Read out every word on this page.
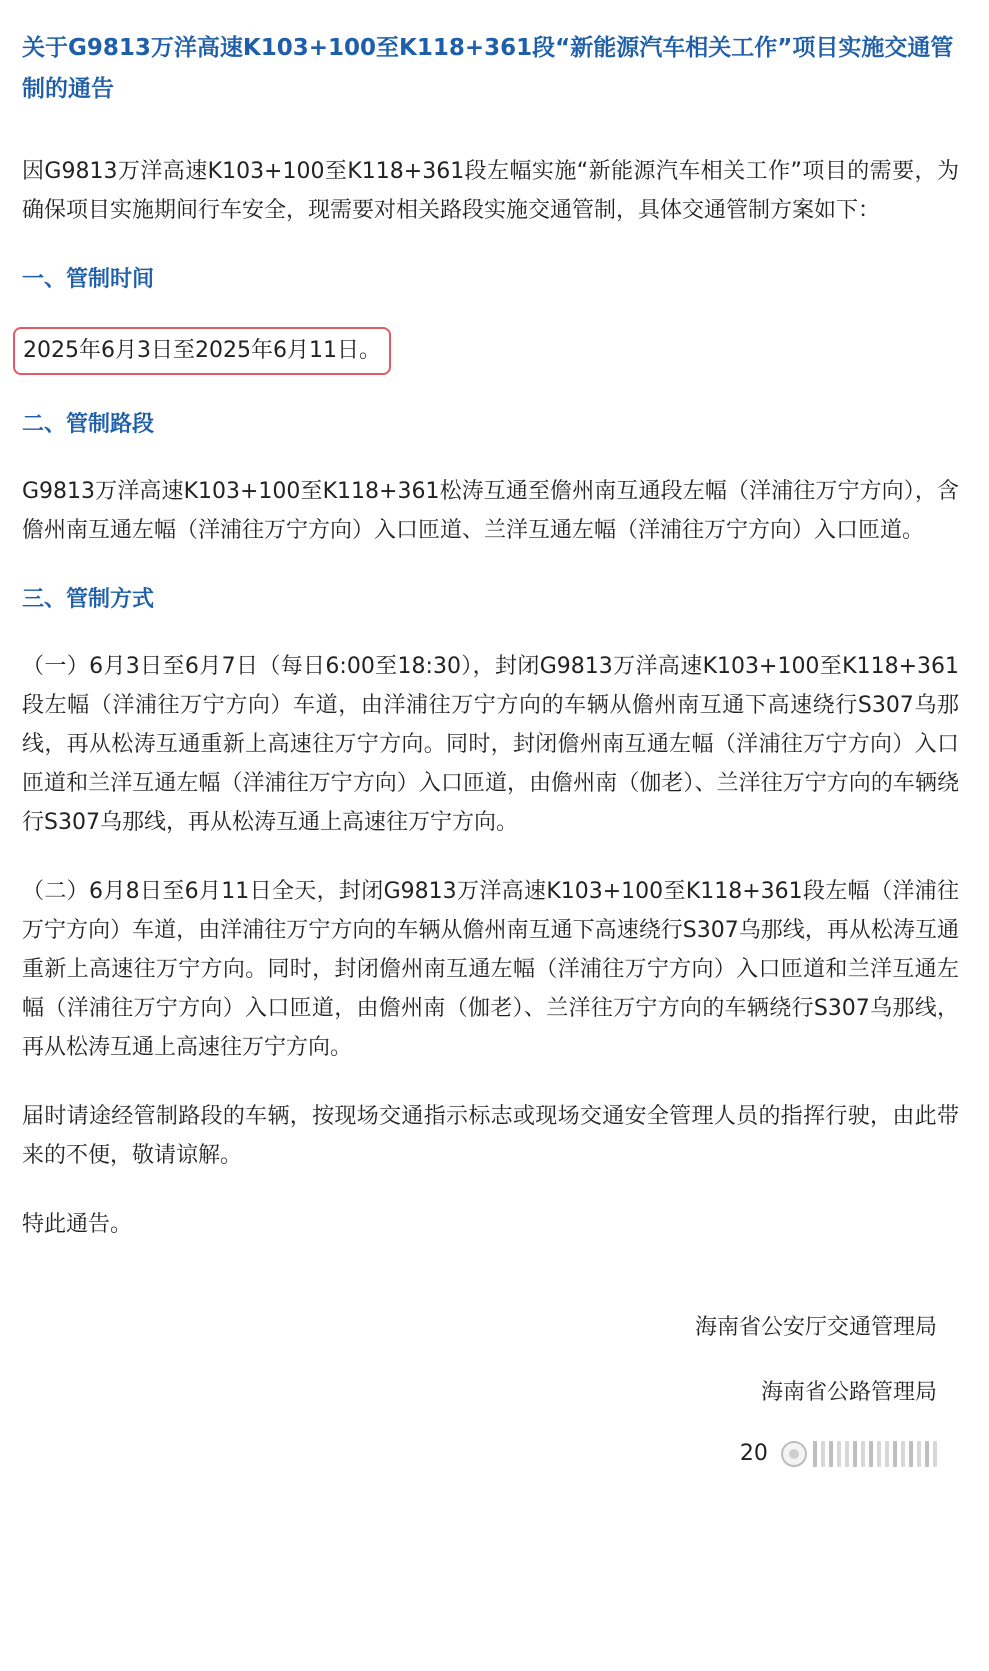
关于G9813万洋高速K103+100至K118+361段“新能源汽车相关工作”项目实施交通管制的通告

因G9813万洋高速K103+100至K118+361段左幅实施“新能源汽车相关工作”项目的需要，为确保项目实施期间行车安全，现需要对相关路段实施交通管制，具体交通管制方案如下：

一、管制时间
2025年6月3日至2025年6月11日。
二、管制路段

G9813万洋高速K103+100至K118+361松涛互通至儋州南互通段左幅（洋浦往万宁方向），含儋州南互通左幅（洋浦往万宁方向）入口匝道、兰洋互通左幅（洋浦往万宁方向）入口匝道。

三、管制方式

（一）6月3日至6月7日（每日6:00至18:30），封闭G9813万洋高速K103+100至K118+361段左幅（洋浦往万宁方向）车道，由洋浦往万宁方向的车辆从儋州南互通下高速绕行S307乌那线，再从松涛互通重新上高速往万宁方向。同时，封闭儋州南互通左幅（洋浦往万宁方向）入口匝道和兰洋互通左幅（洋浦往万宁方向）入口匝道，由儋州南（伽老）、兰洋往万宁方向的车辆绕行S307乌那线，再从松涛互通上高速往万宁方向。

（二）6月8日至6月11日全天，封闭G9813万洋高速K103+100至K118+361段左幅（洋浦往万宁方向）车道，由洋浦往万宁方向的车辆从儋州南互通下高速绕行S307乌那线，再从松涛互通重新上高速往万宁方向。同时，封闭儋州南互通左幅（洋浦往万宁方向）入口匝道和兰洋互通左幅（洋浦往万宁方向）入口匝道，由儋州南（伽老）、兰洋往万宁方向的车辆绕行S307乌那线，再从松涛互通上高速往万宁方向。

届时请途经管制路段的车辆，按现场交通指示标志或现场交通安全管理人员的指挥行驶，由此带来的不便，敬请谅解。

特此通告。

海南省公安厅交通管理局

海南省公路管理局

20
